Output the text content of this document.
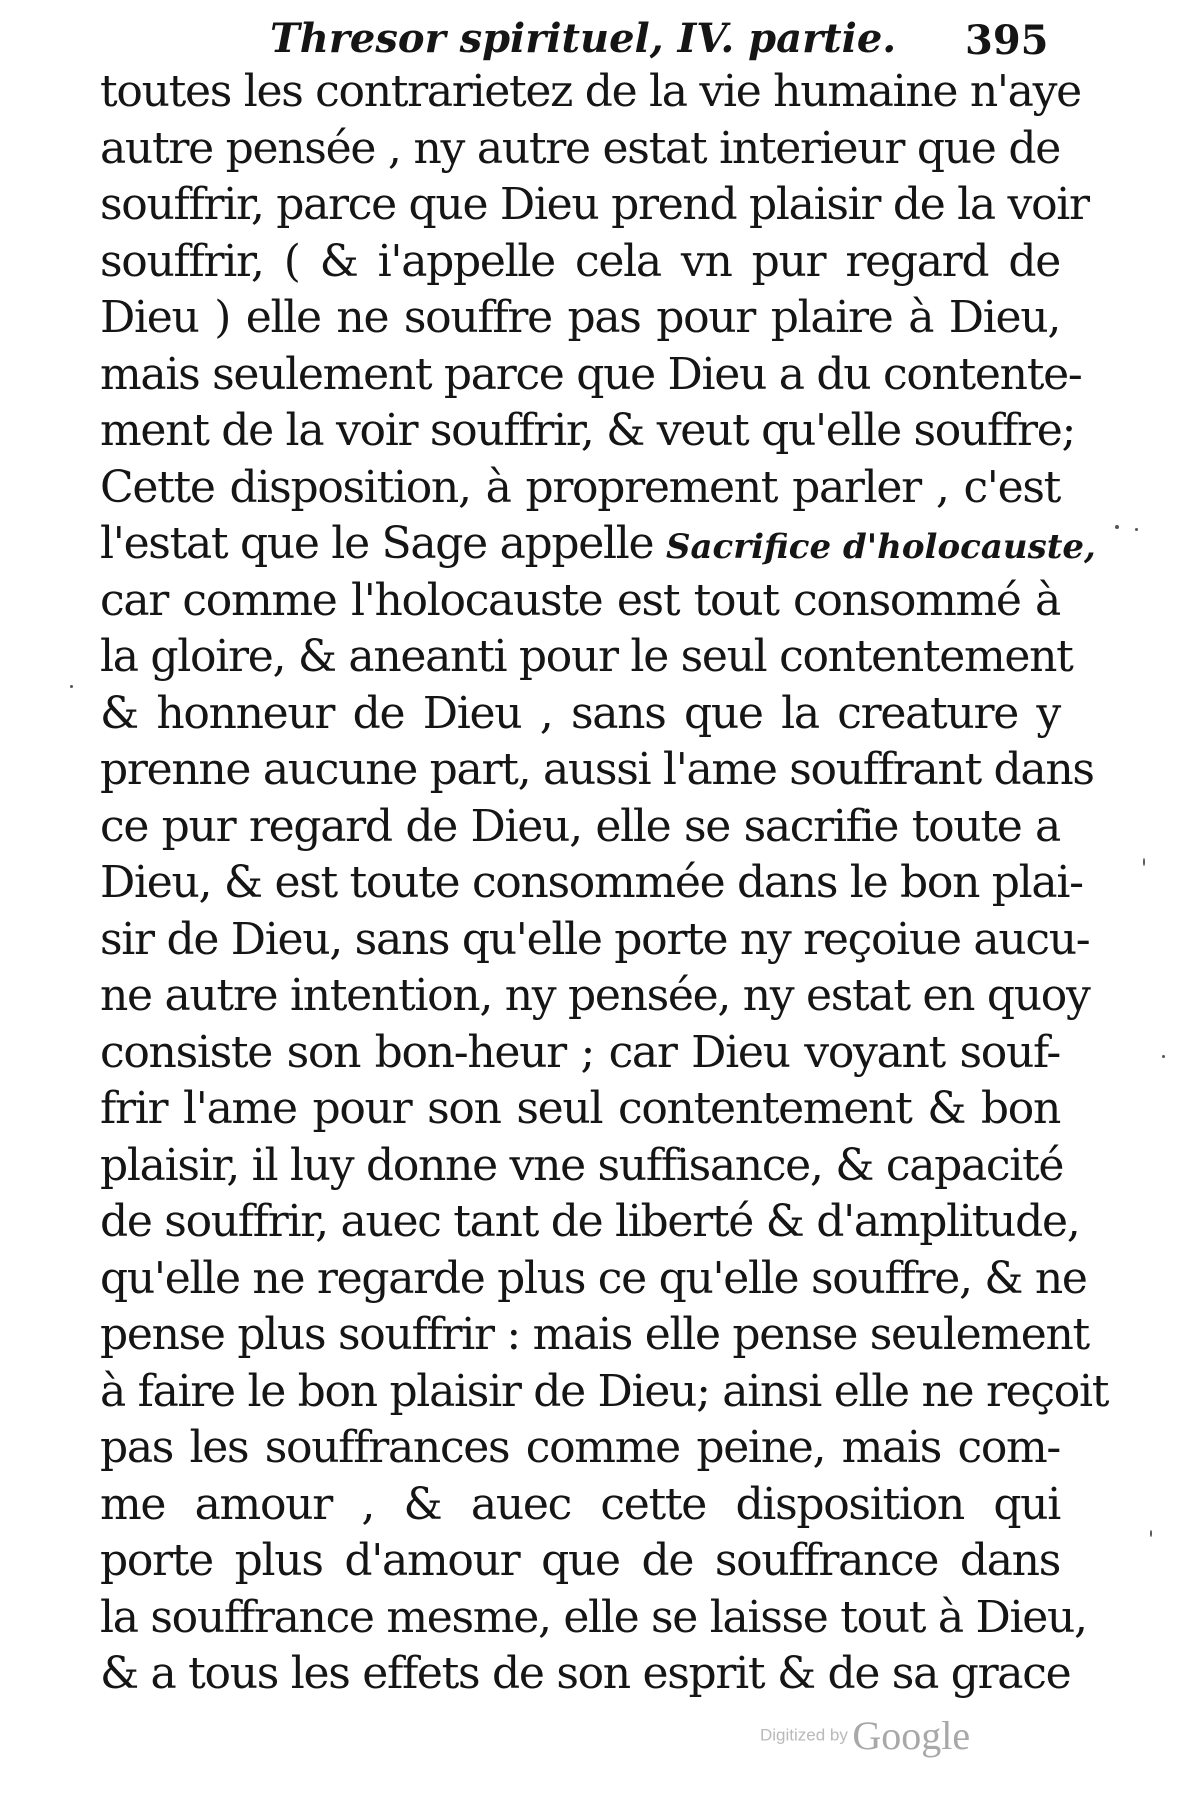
Thresor spirituel, IV. partie. 395
toutes les contrarietez de la vie humaine n'aye
autre pensée , ny autre estat interieur que de
souffrir, parce que Dieu prend plaisir de la voir
souffrir, ( & i'appelle cela vn pur regard de
Dieu ) elle ne souffre pas pour plaire à Dieu,
mais seulement parce que Dieu a du contente-
ment de la voir souffrir, & veut qu'elle souffre;
Cette disposition, à proprement parler , c'est
l'estat que le Sage appelle Sacrifice d'holocauste,
car comme l'holocauste est tout consommé à
la gloire, & aneanti pour le seul contentement
& honneur de Dieu , sans que la creature y
prenne aucune part, aussi l'ame souffrant dans
ce pur regard de Dieu, elle se sacrifie toute a
Dieu, & est toute consommée dans le bon plai-
sir de Dieu, sans qu'elle porte ny reçoiue aucu-
ne autre intention, ny pensée, ny estat en quoy
consiste son bon-heur ; car Dieu voyant souf-
frir l'ame pour son seul contentement & bon
plaisir, il luy donne vne suffisance, & capacité
de souffrir, auec tant de liberté & d'amplitude,
qu'elle ne regarde plus ce qu'elle souffre, & ne
pense plus souffrir : mais elle pense seulement
à faire le bon plaisir de Dieu; ainsi elle ne reçoit
pas les souffrances comme peine, mais com-
me amour , & auec cette disposition qui
porte plus d'amour que de souffrance dans
la souffrance mesme, elle se laisse tout à Dieu,
& a tous les effets de son esprit & de sa grace
Digitized by Google
